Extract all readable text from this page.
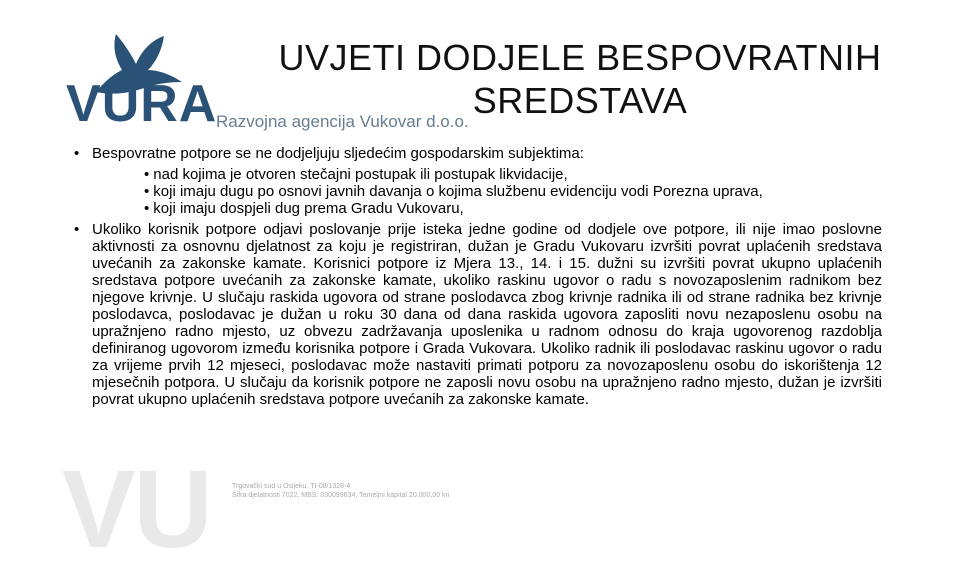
VU
VURA
Razvojna agencija Vukovar d.o.o.
UVJETI DODJELE BESPOVRATNIH SREDSTAVA

• Bespovratne potpore se ne dodjeljuju sljedećim gospodarskim subjektima:

• nad kojima je otvoren stečajni postupak ili postupak likvidacije,

• koji imaju dugu po osnovi javnih davanja o kojima službenu evidenciju vodi Porezna uprava,

• koji imaju dospjeli dug prema Gradu Vukovaru,

• Ukoliko korisnik potpore odjavi poslovanje prije isteka jedne godine od dodjele ove potpore, ili nije imao poslovne aktivnosti za osnovnu djelatnost za koju je registriran, dužan je Gradu Vukovaru izvršiti povrat uplaćenih sredstava uvećanih za zakonske kamate. Korisnici potpore iz Mjera 13., 14. i 15. dužni su izvršiti povrat ukupno uplaćenih sredstava potpore uvećanih za zakonske kamate, ukoliko raskinu ugovor o radu s novozaposlenim radnikom bez njegove krivnje. U slučaju raskida ugovora od strane poslodavca zbog krivnje radnika ili od strane radnika bez krivnje poslodavca, poslodavac je dužan u roku 30 dana od dana raskida ugovora zaposliti novu nezaposlenu osobu na upražnjeno radno mjesto, uz obvezu zadržavanja uposlenika u radnom odnosu do kraja ugovorenog razdoblja definiranog ugovorom između korisnika potpore i Grada Vukovara. Ukoliko radnik ili poslodavac raskinu ugovor o radu za vrijeme prvih 12 mjeseci, poslodavac može nastaviti primati potporu za novozaposlenu osobu do iskorištenja 12 mjesečnih potpora. U slučaju da korisnik potpore ne zaposli novu osobu na upražnjeno radno mjesto, dužan je izvršiti povrat ukupno uplaćenih sredstava potpore uvećanih za zakonske kamate.

Trgovački sud u Osijeku, Tt-08/1328-4
Šifra djelatnosti 7022, MBS: 030099634, Temeljni kapital 20.000,00 kn
